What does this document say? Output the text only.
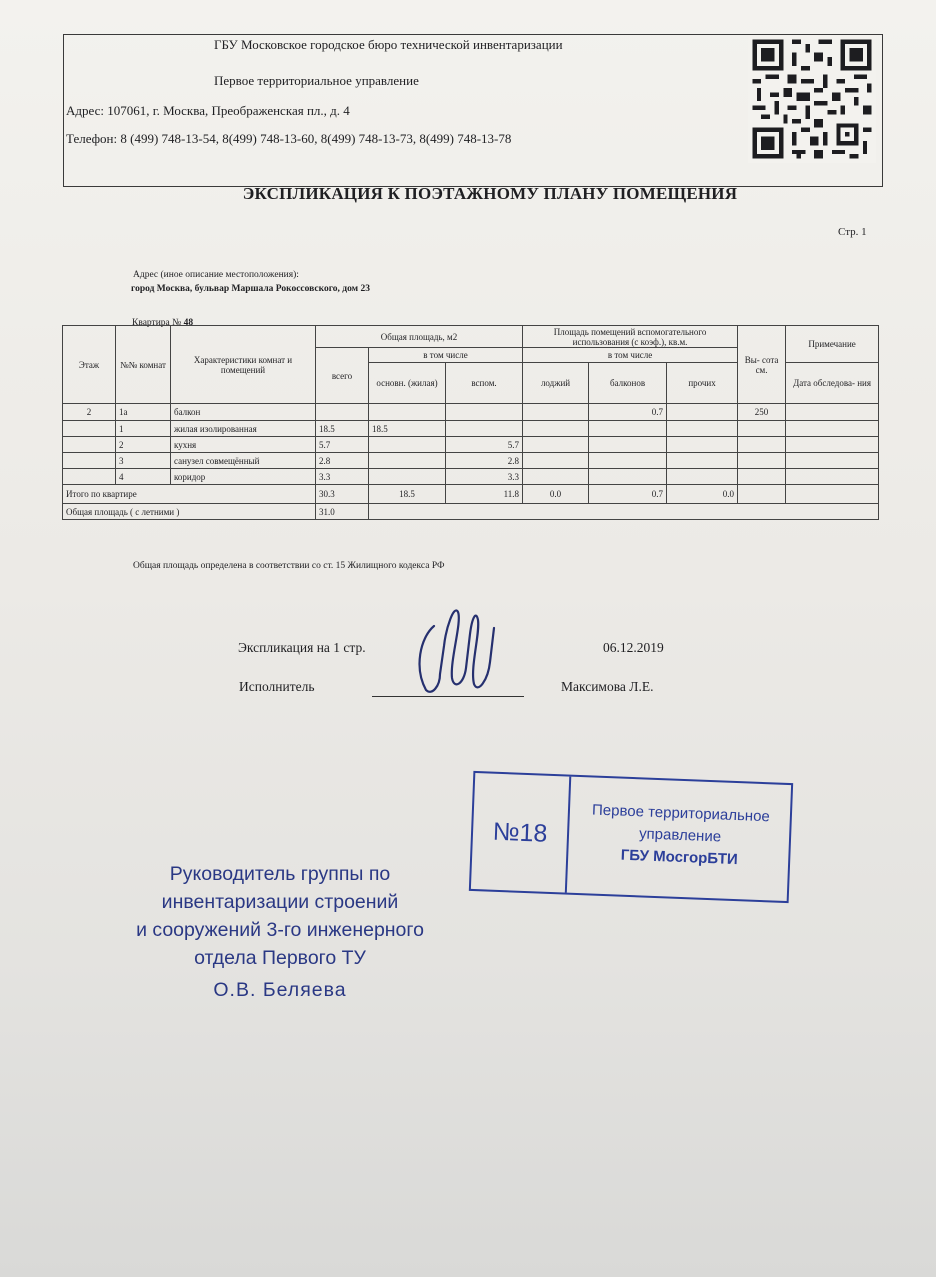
ГБУ Московское городское бюро технической инвентаризации
Первое территориальное управление
Адрес: 107061, г. Москва, Преображенская пл., д. 4
Телефон: 8 (499) 748-13-54, 8(499) 748-13-60, 8(499) 748-13-73, 8(499) 748-13-78
ЭКСПЛИКАЦИЯ К ПОЭТАЖНОМУ ПЛАНУ ПОМЕЩЕНИЯ
Стр. 1
Адрес (иное описание местоположения):
город Москва, бульвар Маршала Рокоссовского, дом 23
Квартира № 48
Этаж	№№ комнат	Характеристики комнат и помещений	Общая площадь, м2			Площадь помещений вспомогательного использования (с коэф.), кв.м.			Вы- сота см.	Примечание
			всего	в том числе		в том числе				
				основн. (жилая)	вспом.	лоджий	балконов	прочих		Дата обследова- ния
2	1а	балкон					0.7		250	
	1	жилая изолированная	18.5	18.5						
	2	кухня	5.7		5.7					
	3	санузел совмещённый	2.8		2.8					
	4	коридор	3.3		3.3					
Итого по квартире			30.3	18.5	11.8	0.0	0.7	0.0		
Общая площадь ( с летними )			31.0							
Общая площадь определена в соответствии со ст. 15 Жилищного кодекса РФ
Экспликация на 1 стр.	06.12.2019
Исполнитель	Максимова Л.Е.
№18
Первое территориальное
управление
ГБУ МосгорБТИ
Руководитель группы по
инвентаризации строений
и сооружений 3-го инженерного
отдела Первого ТУ
О.В. Беляева
